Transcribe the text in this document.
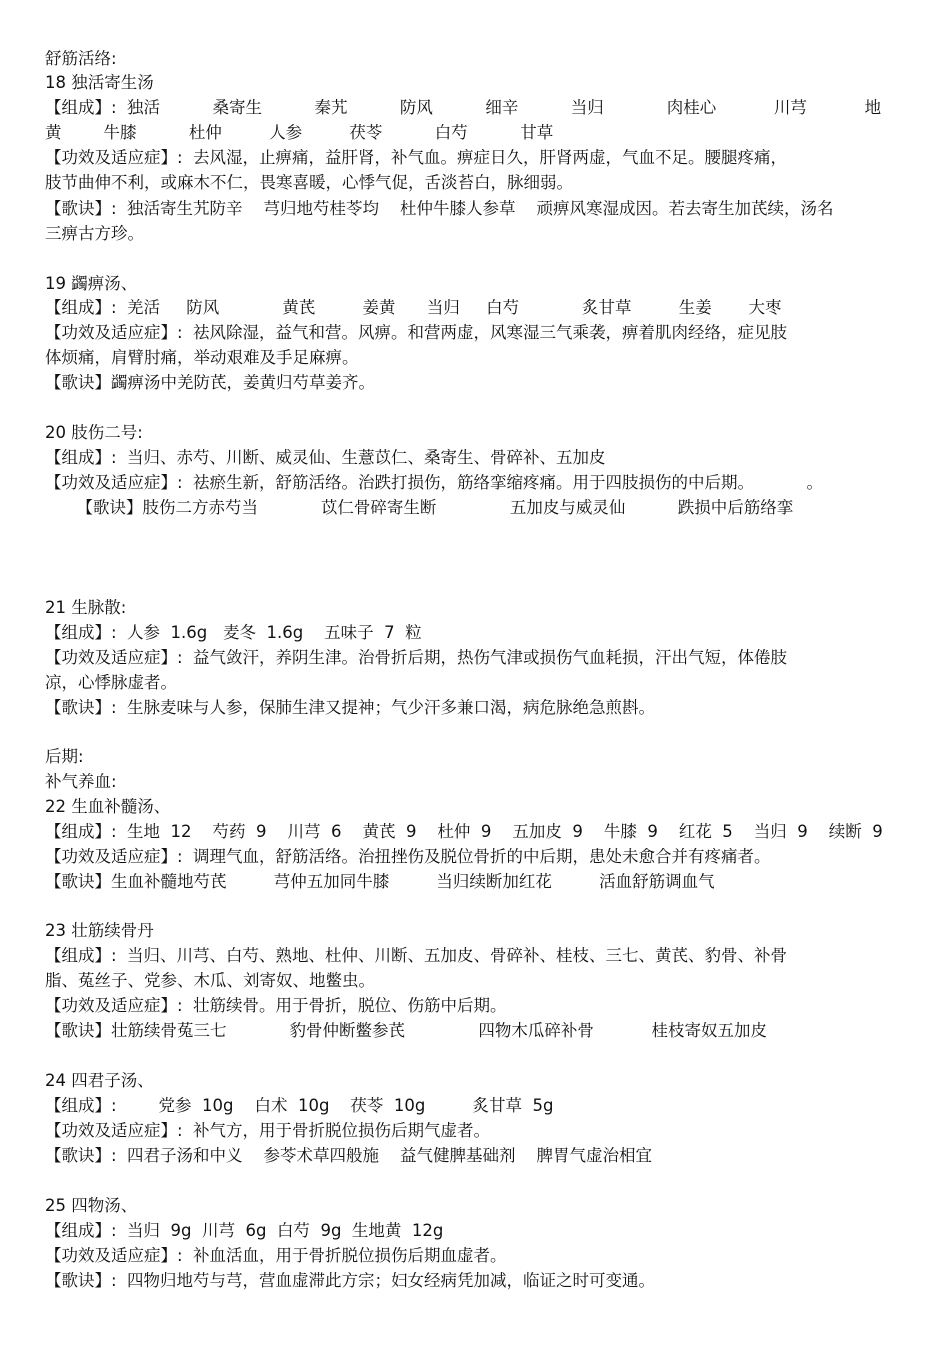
舒筋活络:
18 独活寄生汤
【组成】:  独活          桑寄生          秦艽          防风          细辛          当归            肉桂心           川芎           地
黄        牛膝          杜仲         人参         茯苓          白芍          甘草
【功效及适应症】:  去风湿，止痹痛，益肝肾，补气血。痹症日久，肝肾两虚，气血不足。腰腿疼痛，
肢节曲伸不利，或麻木不仁，畏寒喜暖，心悸气促，舌淡苔白，脉细弱。
【歌诀】:  独活寄生艽防辛    芎归地芍桂苓均    杜仲牛膝人参草    顽痹风寒湿成因。若去寄生加芪续，汤名
三痹古方珍。
19 蠲痹汤、
【组成】:  羌活     防风            黄芪         姜黄      当归     白芍            炙甘草         生姜       大枣
【功效及适应症】:  祛风除湿，益气和营。风痹。和营两虚，风寒湿三气乘袭，痹着肌肉经络，症见肢
体烦痛，肩臂肘痛，举动艰难及手足麻痹。
【歌诀】蠲痹汤中羌防芪，姜黄归芍草姜齐。
20 肢伤二号:
【组成】:  当归、赤芍、川断、威灵仙、生薏苡仁、桑寄生、骨碎补、五加皮
【功效及适应症】:  祛瘀生新，舒筋活络。治跌打损伤，筋络挛缩疼痛。用于四肢损伤的中后期。          。
【歌诀】肢伤二方赤芍当            苡仁骨碎寄生断              五加皮与威灵仙          跌损中后筋络挛
21 生脉散:
【组成】:  人参  1.6g   麦冬  1.6g    五味子  7  粒
【功效及适应症】:  益气敛汗，养阴生津。治骨折后期，热伤气津或损伤气血耗损，汗出气短，体倦肢
凉，心悸脉虚者。
【歌诀】:  生脉麦味与人参，保肺生津又提神；气少汗多兼口渴，病危脉绝急煎斟。
后期:
补气养血:
22 生血补髓汤、
【组成】:  生地  12    芍药  9    川芎  6    黄芪  9    杜仲  9    五加皮  9    牛膝  9    红花  5    当归  9    续断  9
【功效及适应症】:  调理气血，舒筋活络。治扭挫伤及脱位骨折的中后期，患处未愈合并有疼痛者。
【歌诀】生血补髓地芍芪         芎仲五加同牛膝         当归续断加红花         活血舒筋调血气
23 壮筋续骨丹
【组成】:  当归、川芎、白芍、熟地、杜仲、川断、五加皮、骨碎补、桂枝、三七、黄芪、豹骨、补骨
脂、菟丝子、党参、木瓜、刘寄奴、地鳖虫。
【功效及适应症】:  壮筋续骨。用于骨折，脱位、伤筋中后期。
【歌诀】壮筋续骨菟三七            豹骨仲断鳖参芪              四物木瓜碎补骨           桂枝寄奴五加皮
24 四君子汤、
【组成】:        党参  10g    白术  10g    茯苓  10g         炙甘草  5g
【功效及适应症】:  补气方，用于骨折脱位损伤后期气虚者。
【歌诀】:  四君子汤和中义    参苓术草四般施    益气健脾基础剂    脾胃气虚治相宜
25 四物汤、
【组成】:  当归  9g  川芎  6g  白芍  9g  生地黄  12g
【功效及适应症】:  补血活血，用于骨折脱位损伤后期血虚者。
【歌诀】:  四物归地芍与芎，营血虚滞此方宗；妇女经病凭加减，临证之时可变通。
